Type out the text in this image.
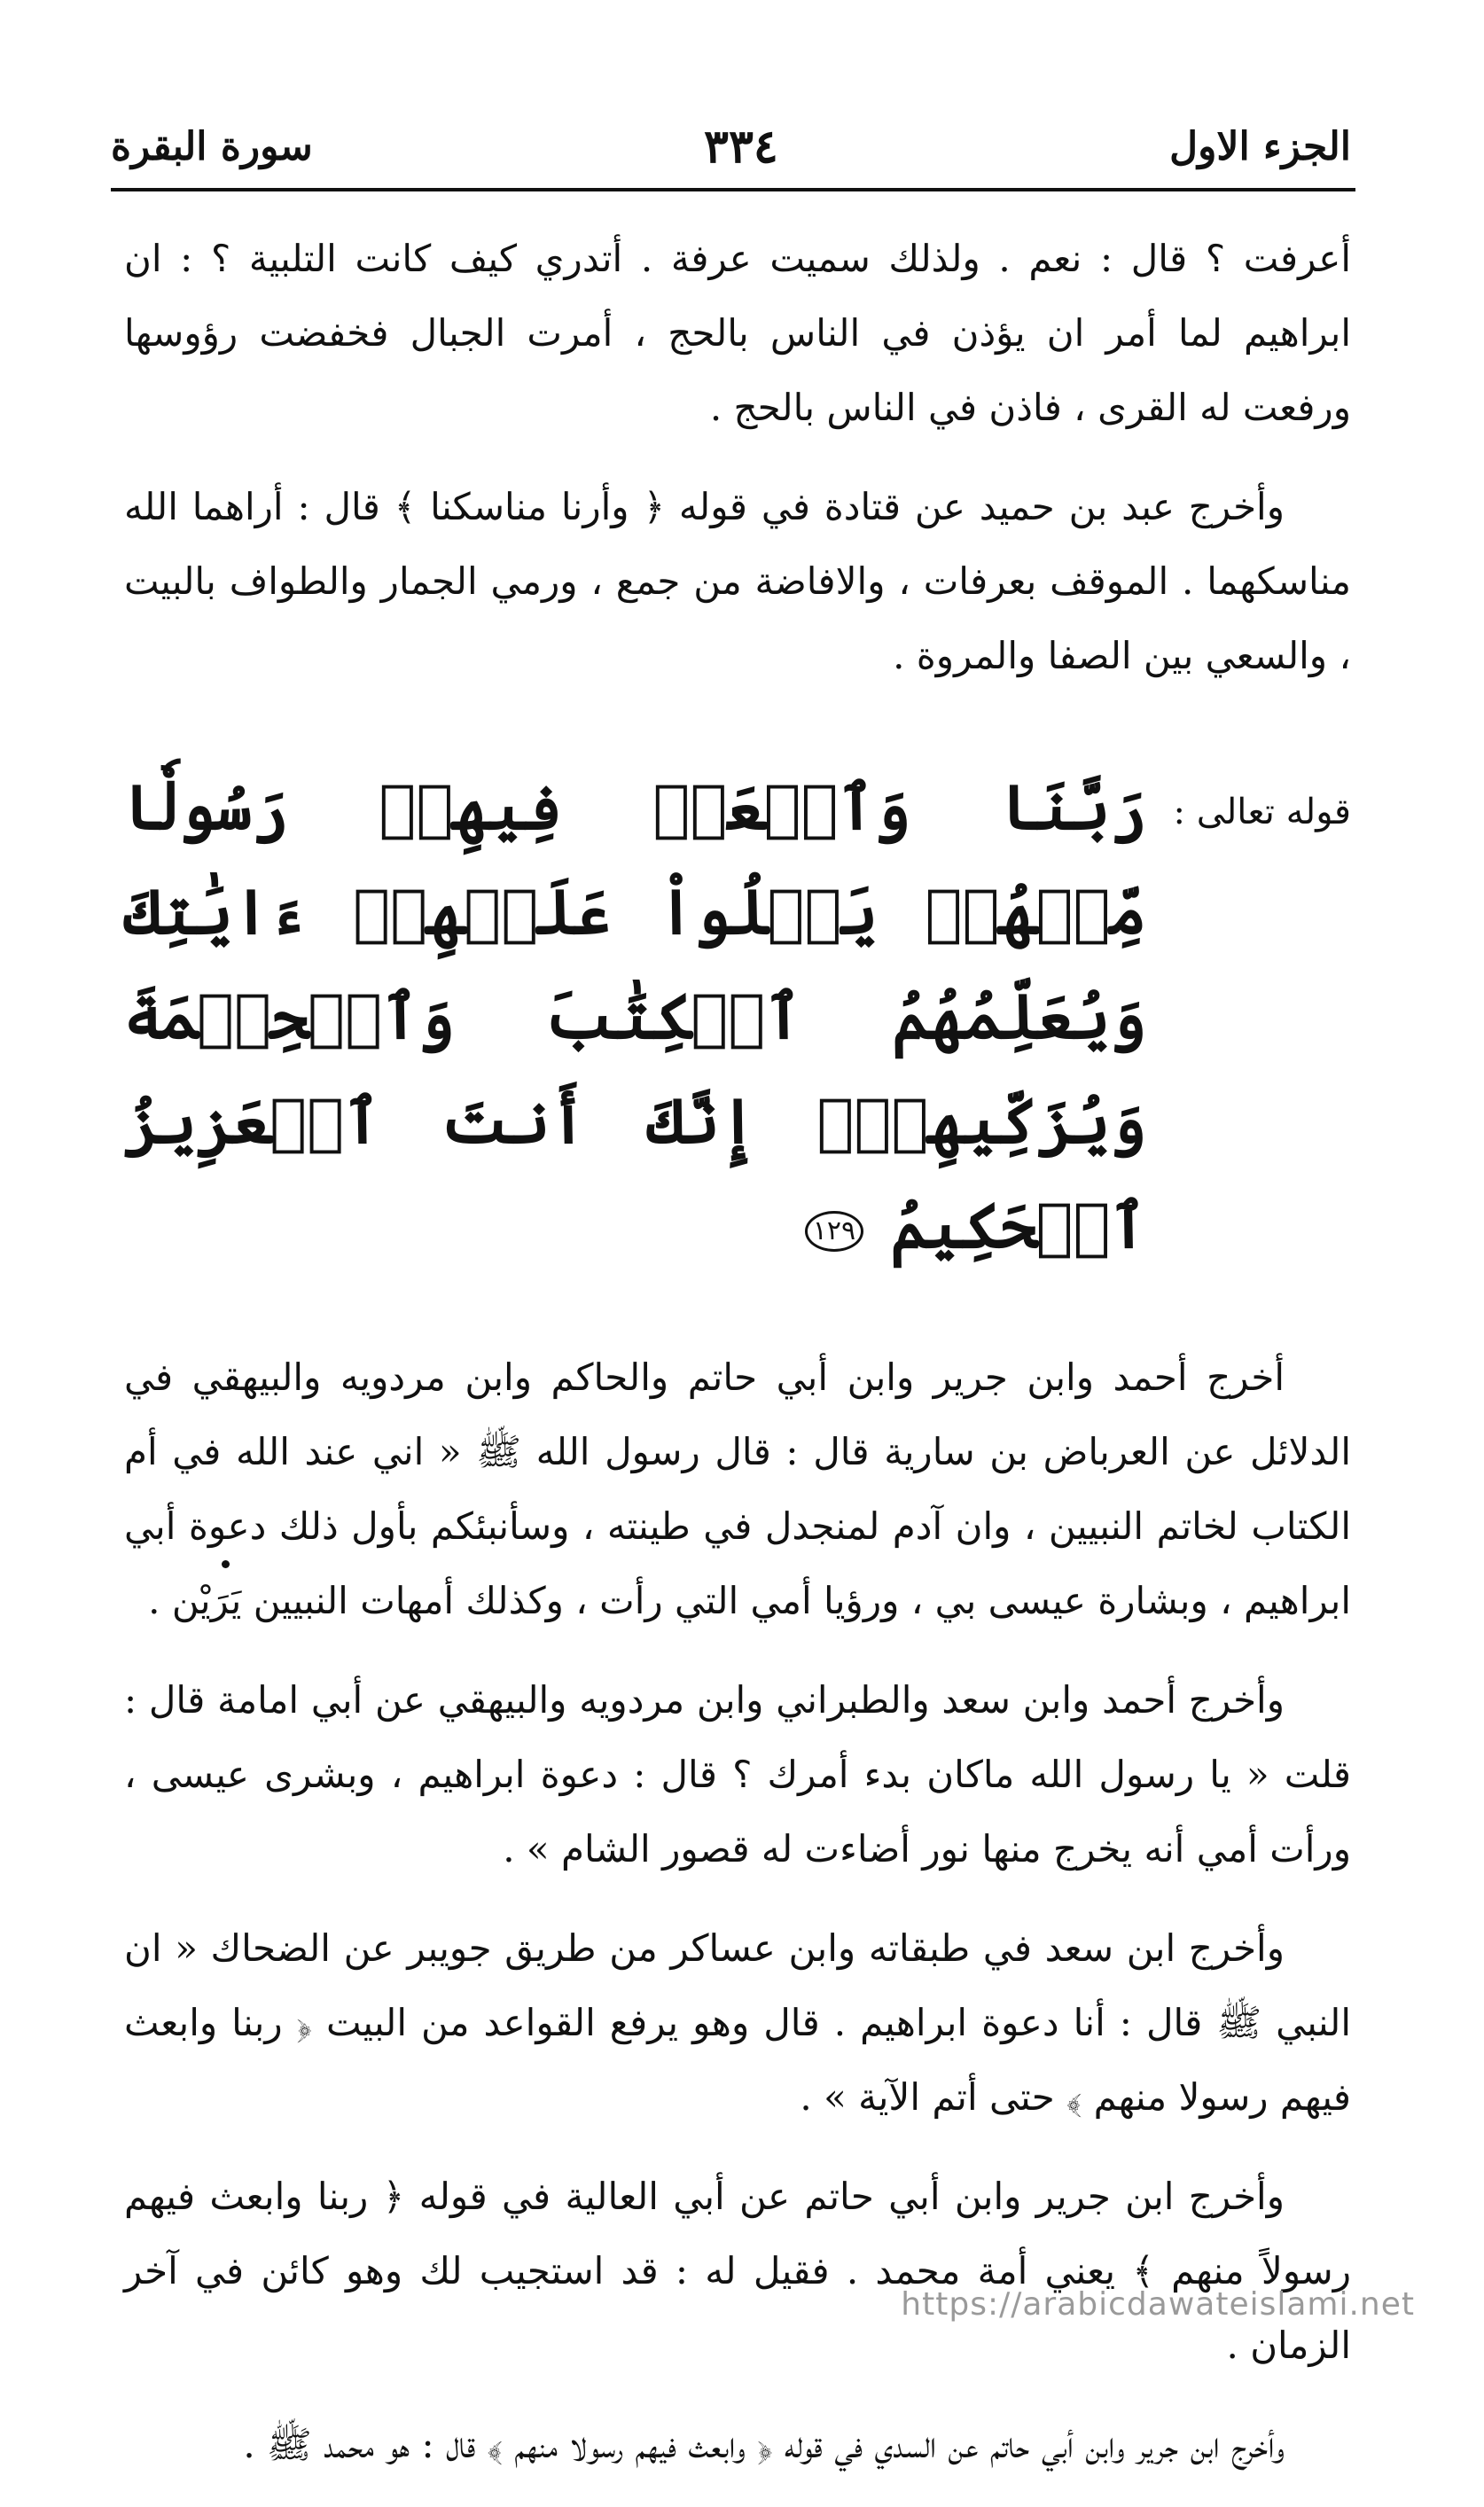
الجزء الاول
٣٣٤
سورة البقرة

أعرفت ؟ قال : نعم . ولذلك سميت عرفة . أتدري كيف كانت التلبية ؟ : ان ابراهيم لما أمر ان يؤذن في الناس بالحج ، أمرت الجبال فخفضت رؤوسها ورفعت له القرى ، فاذن في الناس بالحج .

وأخرج عبد بن حميد عن قتادة في قوله ﴿ وأرنا مناسكنا ﴾ قال : أراهما الله مناسكهما . الموقف بعرفات ، والافاضة من جمع ، ورمي الجمار والطواف بالبيت ، والسعي بين الصفا والمروة .

قوله تعالى :
رَبَّنَا وَٱبۡعَثۡ فِيهِمۡ رَسُولٗا مِّنۡهُمۡ يَتۡلُواْ عَلَيۡهِمۡ ءَايَٰتِكَ وَيُعَلِّمُهُمُ ٱلۡكِتَٰبَ وَٱلۡحِكۡمَةَ وَيُزَكِّيهِمۡۖ إِنَّكَ أَنتَ ٱلۡعَزِيزُ ٱلۡحَكِيمُ ١٢٩

أخرج أحمد وابن جرير وابن أبي حاتم والحاكم وابن مردويه والبيهقي في الدلائل عن العرباض بن سارية قال : قال رسول الله ﷺ « اني عند الله في أم الكتاب لخاتم النبيين ، وان آدم لمنجدل في طينته ، وسأنبئكم بأول ذلك دعوة أبي ابراهيم ، وبشارة عيسى بي ، ورؤيا أمي التي رأت ، وكذلك أمهات النبيين يَرَيْن .

وأخرج أحمد وابن سعد والطبراني وابن مردويه والبيهقي عن أبي امامة قال : قلت « يا رسول الله ماكان بدء أمرك ؟ قال : دعوة ابراهيم ، وبشرى عيسى ، ورأت أمي أنه يخرج منها نور أضاءت له قصور الشام » .

وأخرج ابن سعد في طبقاته وابن عساكر من طريق جويبر عن الضحاك « ان النبي ﷺ قال : أنا دعوة ابراهيم . قال وهو يرفع القواعد من البيت ﴿ ربنا وابعث فيهم رسولا منهم ﴾ حتى أتم الآية » .

وأخرج ابن جرير وابن أبي حاتم عن أبي العالية في قوله ﴿ ربنا وابعث فيهم رسولاً منهم ﴾ يعني أمة محمد . فقيل له : قد استجيب لك وهو كائن في آخر الزمان .

وأخرج ابن جرير وابن أبي حاتم عن السدي في قوله ﴿ وابعث فيهم رسولا منهم ﴾ قال : هو محمد ﷺ .

https://arabicdawateislami.net
